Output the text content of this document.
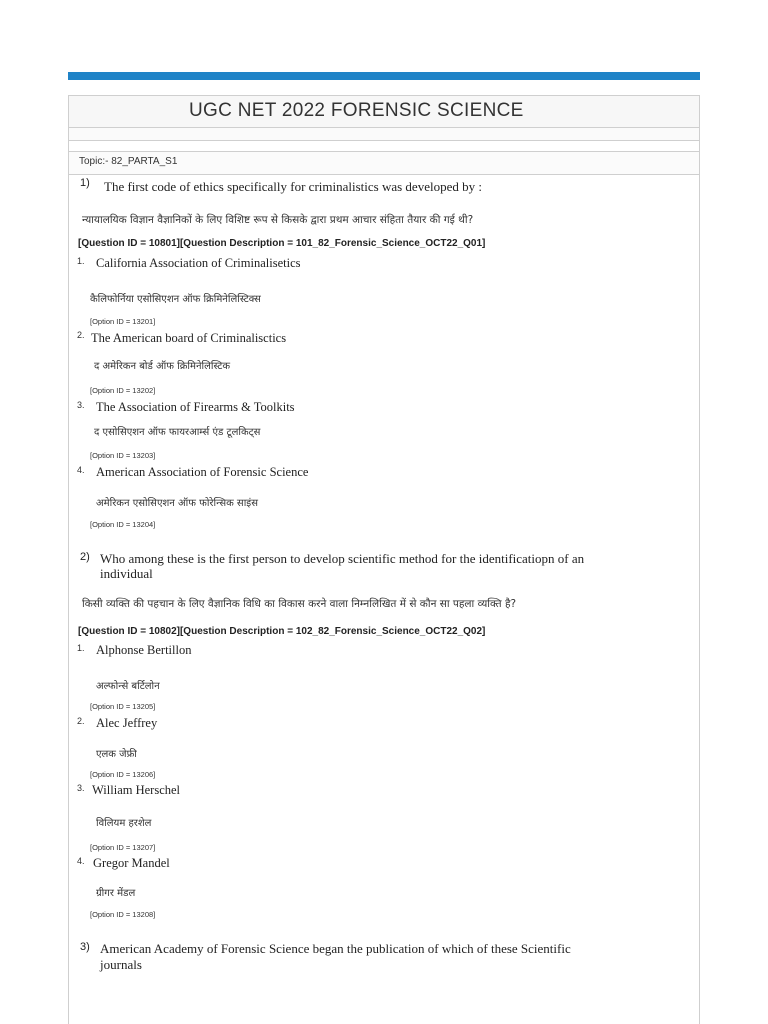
UGC NET 2022 FORENSIC SCIENCE
Topic:- 82_PARTA_S1
1) The first code of ethics specifically for criminalistics was developed by :
न्यायालयिक विज्ञान वैज्ञानिकों के लिए विशिष्ट रूप से किसके द्वारा प्रथम आचार संहिता तैयार की गई थी?
[Question ID = 10801][Question Description = 101_82_Forensic_Science_OCT22_Q01]
1. California Association of Criminalisetics
कैलिफोर्निया एसोसिएशन ऑफ क्रिमिनेलिस्टिक्स
[Option ID = 13201]
2. The American board of Criminalisctics
द अमेरिकन बोर्ड ऑफ क्रिमिनेलिस्टिक
[Option ID = 13202]
3. The Association of Firearms & Toolkits
द एसोसिएशन ऑफ फायरआर्म्स एंड टूलकिट्स
[Option ID = 13203]
4. American Association of Forensic Science
अमेरिकन एसोसिएशन ऑफ फोरेन्सिक साइंस
[Option ID = 13204]
2) Who among these is the first person to develop scientific method for the identificatiopn of an
individual
किसी व्यक्ति की पहचान के लिए वैज्ञानिक विधि का विकास करने वाला निम्नलिखित में से कौन सा पहला व्यक्ति है?
[Question ID = 10802][Question Description = 102_82_Forensic_Science_OCT22_Q02]
1. Alphonse Bertillon
अल्फोन्से बर्टिलोन
[Option ID = 13205]
2. Alec Jeffrey
एलक जेफ्री
[Option ID = 13206]
3. William Herschel
विलियम हरशेल
[Option ID = 13207]
4. Gregor Mandel
ग्रीगर मेंडल
[Option ID = 13208]
3) American Academy of Forensic Science began the publication of which of these Scientific
journals
